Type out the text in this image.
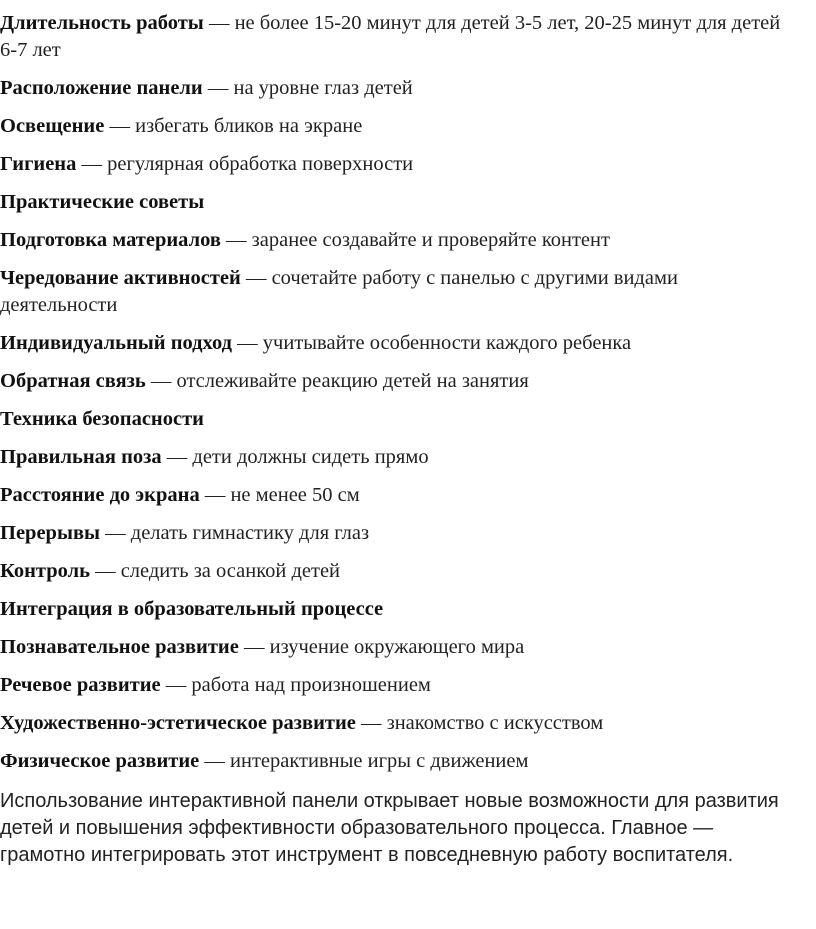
Длительность работы — не более 15-20 минут для детей 3-5 лет, 20-25 минут для детей 6-7 лет

Расположение панели — на уровне глаз детей

Освещение — избегать бликов на экране

Гигиена — регулярная обработка поверхности

Практические советы

Подготовка материалов — заранее создавайте и проверяйте контент

Чередование активностей — сочетайте работу с панелью с другими видами деятельности

Индивидуальный подход — учитывайте особенности каждого ребенка

Обратная связь — отслеживайте реакцию детей на занятия

Техника безопасности

Правильная поза — дети должны сидеть прямо

Расстояние до экрана — не менее 50 см

Перерывы — делать гимнастику для глаз

Контроль — следить за осанкой детей

Интеграция в образовательный процессе

Познавательное развитие — изучение окружающего мира

Речевое развитие — работа над произношением

Художественно-эстетическое развитие — знакомство с искусством

Физическое развитие — интерактивные игры с движением

Использование интерактивной панели открывает новые возможности для развития детей и повышения эффективности образовательного процесса. Главное — грамотно интегрировать этот инструмент в повседневную работу воспитателя.
